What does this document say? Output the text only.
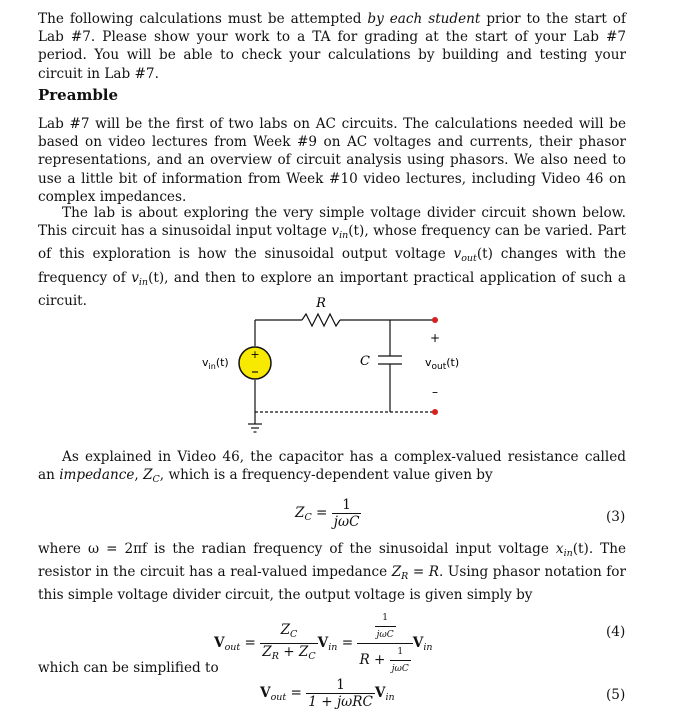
The following calculations must be attempted by each student prior to the start of Lab #7. Please show your work to a TA for grading at the start of your Lab #7 period. You will be able to check your calculations by building and testing your circuit in Lab #7.

Preamble

Lab #7 will be the first of two labs on AC circuits. The calculations needed will be based on video lectures from Week #9 on AC voltages and currents, their phasor representations, and an overview of circuit analysis using phasors. We also need to use a little bit of information from Week #10 video lectures, including Video 46 on complex impedances.

The lab is about exploring the very simple voltage divider circuit shown below. This circuit has a sinusoidal input voltage $v_{in}(t)$, whose frequency can be varied. Part of this exploration is how the sinusoidal output voltage $v_{out}(t)$ changes with the frequency of $v_{in}(t)$, and then to explore an important practical application of such a circuit.

+
R
C
+
–
$v_{in}(t)$	$v_{out}(t)$

As explained in Video 46, the capacitor has a complex-valued resistance called an impedance, $Z_C$, which is a frequency-dependent value given by

$Z_C = \frac{1}{\text{jωC}}$	(3)

where ω = 2πf is the radian frequency of the sinusoidal input voltage $x_{in}(t)$. The resistor in the circuit has a real-valued impedance $Z_R = R$. Using phasor notation for this simple voltage divider circuit, the output voltage is given simply by

$V_{out} = \frac{Z_C}{Z_R + Z_C} V_{in} = \frac{\frac{1}{\text{jωC}}}{R + \frac{1}{\text{jωC}}} V_{in}$
(4)

which can be simplified to

$V_{out} = \frac{1}{\text{1 + jωRC}} V_{in}$	(5)
